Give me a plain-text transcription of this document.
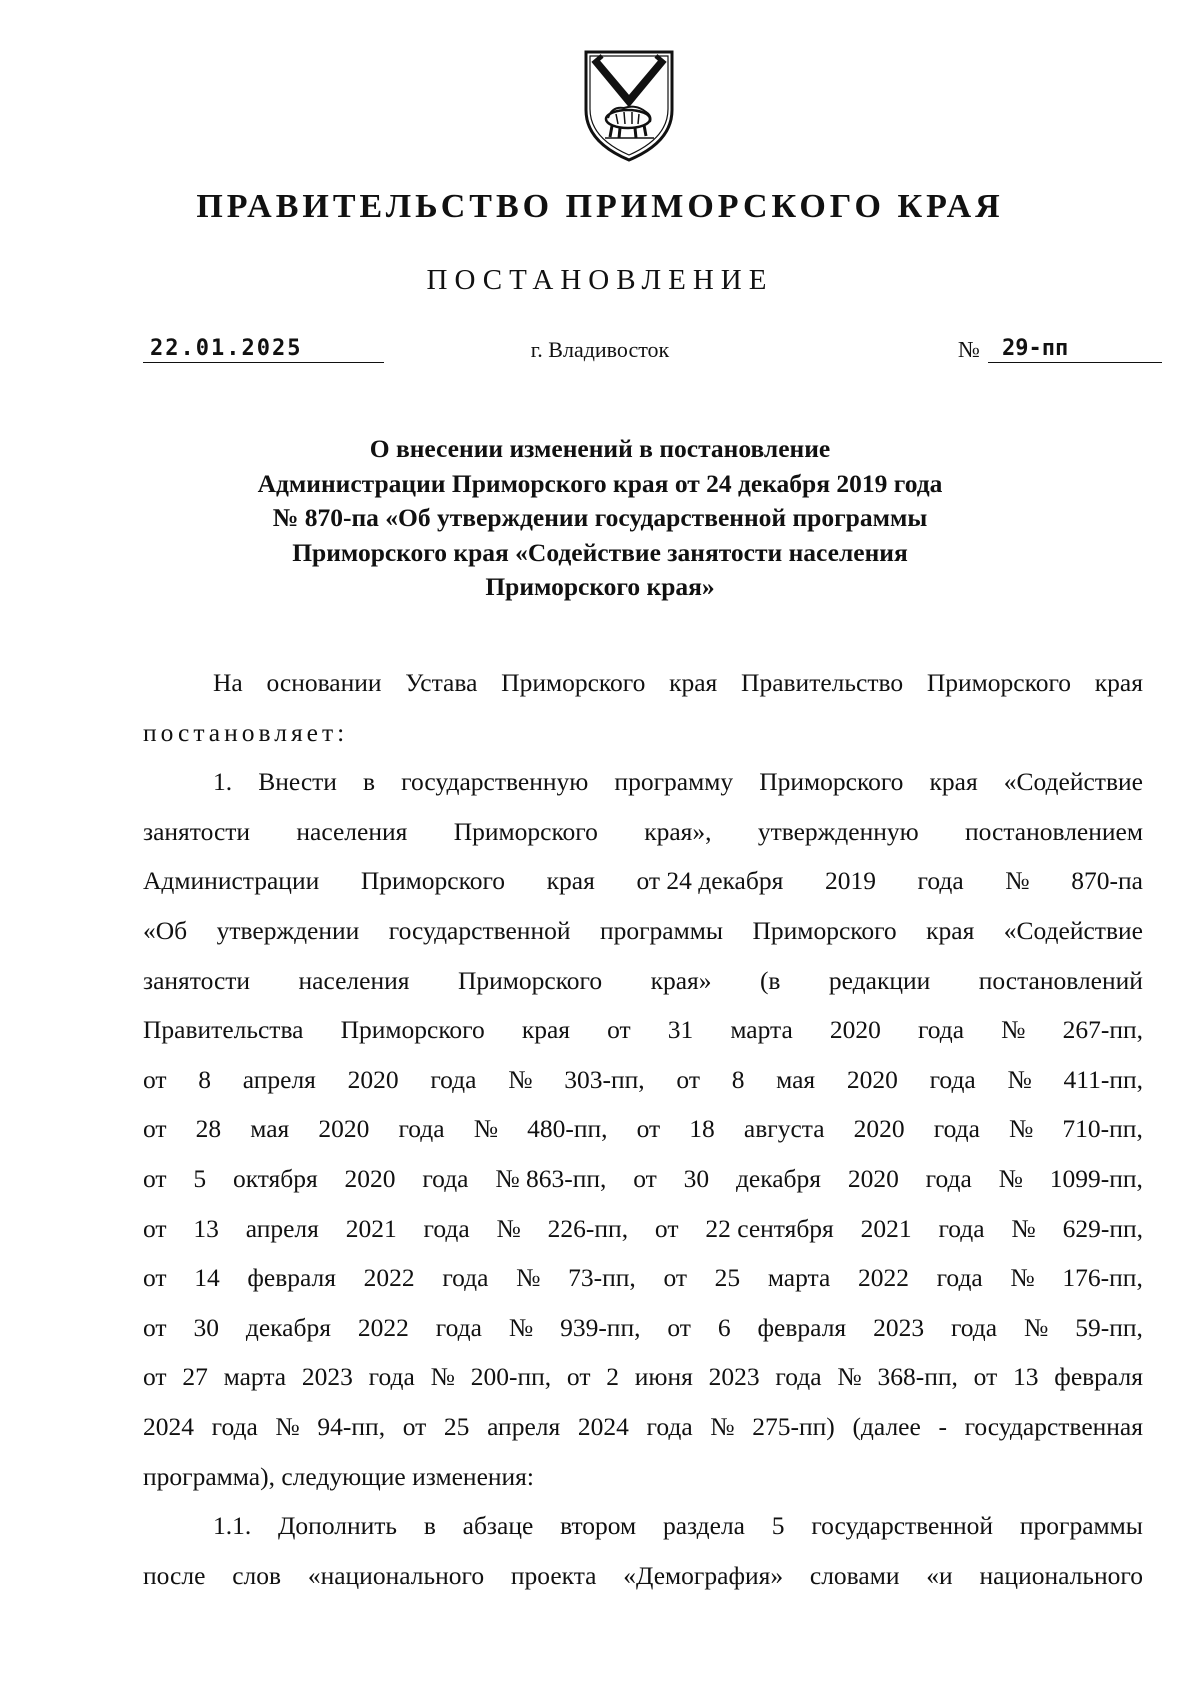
ПРАВИТЕЛЬСТВО ПРИМОРСКОГО КРАЯ
ПОСТАНОВЛЕНИЕ
22.01.2025	г. Владивосток	№	29-пп
О внесении изменений в постановление
Администрации Приморского края от 24 декабря 2019 года
№ 870-па «Об утверждении государственной программы
Приморского края «Содействие занятости населения
Приморского края»
На основании Устава Приморского края Правительство Приморского края
постановляет:
1. Внести в государственную программу Приморского края «Содействие
занятости населения Приморского края», утвержденную постановлением
Администрации Приморского края от 24 декабря 2019 года № 870-па
«Об утверждении государственной программы Приморского края «Содействие
занятости населения Приморского края» (в редакции постановлений
Правительства Приморского края от 31 марта 2020 года № 267-пп,
от 8 апреля 2020 года № 303-пп, от 8 мая 2020 года № 411-пп,
от 28 мая 2020 года № 480-пп, от 18 августа 2020 года № 710-пп,
от 5 октября 2020 года № 863-пп, от 30 декабря 2020 года № 1099-пп,
от 13 апреля 2021 года № 226-пп, от 22 сентября 2021 года № 629-пп,
от 14 февраля 2022 года № 73-пп, от 25 марта 2022 года № 176-пп,
от 30 декабря 2022 года № 939-пп, от 6 февраля 2023 года № 59-пп,
от 27 марта 2023 года № 200-пп, от 2 июня 2023 года № 368-пп, от 13 февраля
2024 года № 94-пп, от 25 апреля 2024 года № 275-пп) (далее - государственная
программа), следующие изменения:
1.1. Дополнить в абзаце втором раздела 5 государственной программы
после слов «национального проекта «Демография» словами «и национального
